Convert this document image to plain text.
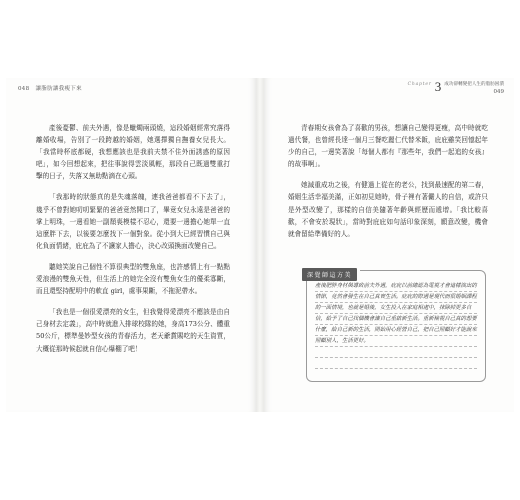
048 讓脂肪讓我瘦下來

產後憂鬱、前夫外遇，像是蠟燭兩頭燒，這段婚姻經常究落得離婚收場，告別了一段跨越的婚姻，她選擇獨自撫養女兒長大。「我當時杯底都硬，我想應該也是我前夫禁不住外面誘惑的原因吧」，如今回想起來，把往事說得雲淡風輕，那段自己既過雙重打擊的日子，失落又無助點滴在心頭。

「我那時的狀態真的是失魂落魄，連我爸爸都看不下去了」，幾乎不曾對她叨叨緊緊的爸爸竟然開口了，畢竟女兒永遠是爸爸的掌上明珠，一邊看她一副頹喪模樣不忍心，還要一邊擔心她單一直這麼胖下去，以後要怎麼找下一個對象。從小到大已經習慣自己與化負面情緒，庇庇為了不讓家人擔心，決心改頭換面改變自己。

聽她笑說自己個性不算很典型的雙魚座，也許感情上有一點點愛浪漫的雙魚天性，但生活上的她完全沒有雙魚女生的優柔寡斷，而且還堅持配明中的軟直 girl，處事果斷，不拖泥帶水。

「我也是一個很愛漂亮的女生，但我覺得愛漂亮不應該是由自己身材去定義」，高中時就進入排球校隊的她，身高173公分、體重50公斤，標準曼妙型女孩的青春活力，老天爺賞賜吃的天生資質，大概從那時候起就自信心爆棚了吧！

Chapter 3 成功卻轉變把人生的脂肪困潰
049

青春期女孩會為了喜歡的男孩，想讓自己變得更瘦，高中時就吃過代餐，也曾經長達一個月三餐吃麗仁代替米飯，庇庇雖笑回憶起年少的自己，一邊笑著說「每個人都有『那些年，我們一起追的女孩』的故事啊」。

她減重成功之後，有健過上從在的老公，找到最速配的第二春，婚姻生活幸福美滿，正如初見她時，骨子裡有著儼人的自信，或許只是外型改變了，那樣的自信美隨著年齡與經歷而遞增。「我比較喜歡，不會安於現狀」，當時對庇庇如句話印象深刻，願意改變，機會就會留給準備好的人。

深覺師這方美
產後肥胖身材與導致前夫外遇，庇庇以前總認為電視才會這樣演出的情節，竟然會發生在自己真實生活。庇庇的際遇是現代而很婚姻課程的一面情境，也就是婚後，女生投入在家庭相處中，抹除掉更多自信，給予了自己找個機會讓自己重啟新生活。重新檢視自己真的想要什麼，給自己新的生活，開始用心經營自己，把自己照顧好才能說來照顧別人，生活更好。
